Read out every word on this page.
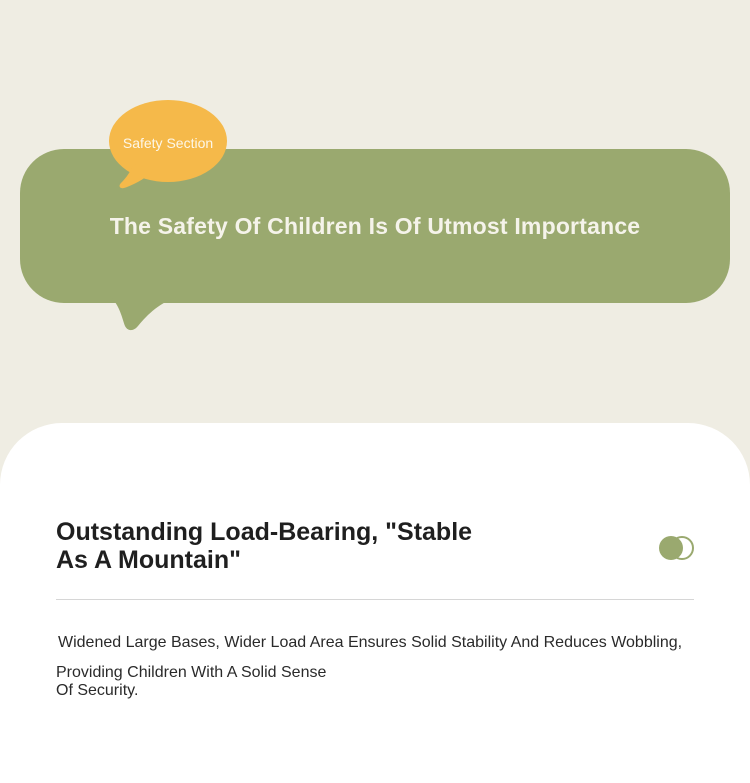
The Safety Of Children Is Of Utmost Importance
Safety Section
Outstanding Load-Bearing, "Stable As A Mountain"
Widened Large Bases, Wider Load Area Ensures Solid Stability And Reduces Wobbling,
Providing Children With A Solid Sense Of Security.
